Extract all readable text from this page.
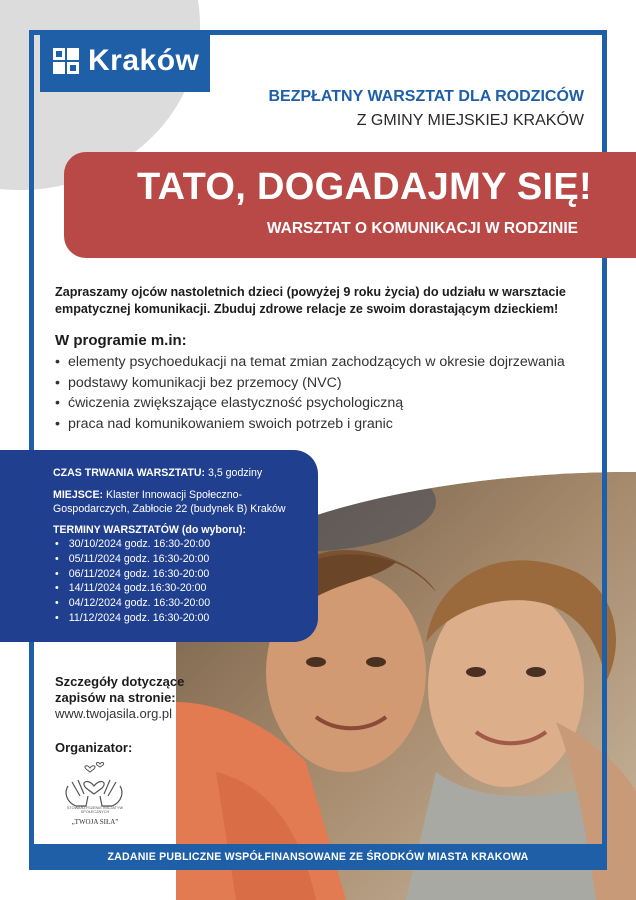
Kraków
BEZPŁATNY WARSZTAT DLA RODZICÓW
Z GMINY MIEJSKIEJ KRAKÓW
TATO, DOGADAJMY SIĘ!
WARSZTAT O KOMUNIKACJI W RODZINIE
Zapraszamy ojców nastoletnich dzieci (powyżej 9 roku życia) do udziału w warsztacie
empatycznej komunikacji. Zbuduj zdrowe relacje ze swoim dorastającym dzieckiem!
W programie m.in:
• elementy psychoedukacji na temat zmian zachodzących w okresie dojrzewania
• podstawy komunikacji bez przemocy (NVC)
• ćwiczenia zwiększające elastyczność psychologiczną
• praca nad komunikowaniem swoich potrzeb i granic
CZAS TRWANIA WARSZTATU: 3,5 godziny
MIEJSCE: Klaster Innowacji Społeczno-
Gospodarczych, Zabłocie 22 (budynek B) Kraków
TERMINY WARSZTATÓW (do wyboru):
• 30/10/2024 godz. 16:30-20:00
• 05/11/2024 godz. 16:30-20:00
• 06/11/2024 godz. 16:30-20:00
• 14/11/2024 godz.16:30-20:00
• 04/12/2024 godz. 16:30-20:00
• 11/12/2024 godz. 16:30-20:00
Szczegóły dotyczące
zapisów na stronie:
www.twojasila.org.pl
Organizator:
STOWARZYSZENIE INICJATYW
SPOŁECZNYCH
„TWOJA SIŁA”
ZADANIE PUBLICZNE WSPÓŁFINANSOWANE ZE ŚRODKÓW MIASTA KRAKOWA
